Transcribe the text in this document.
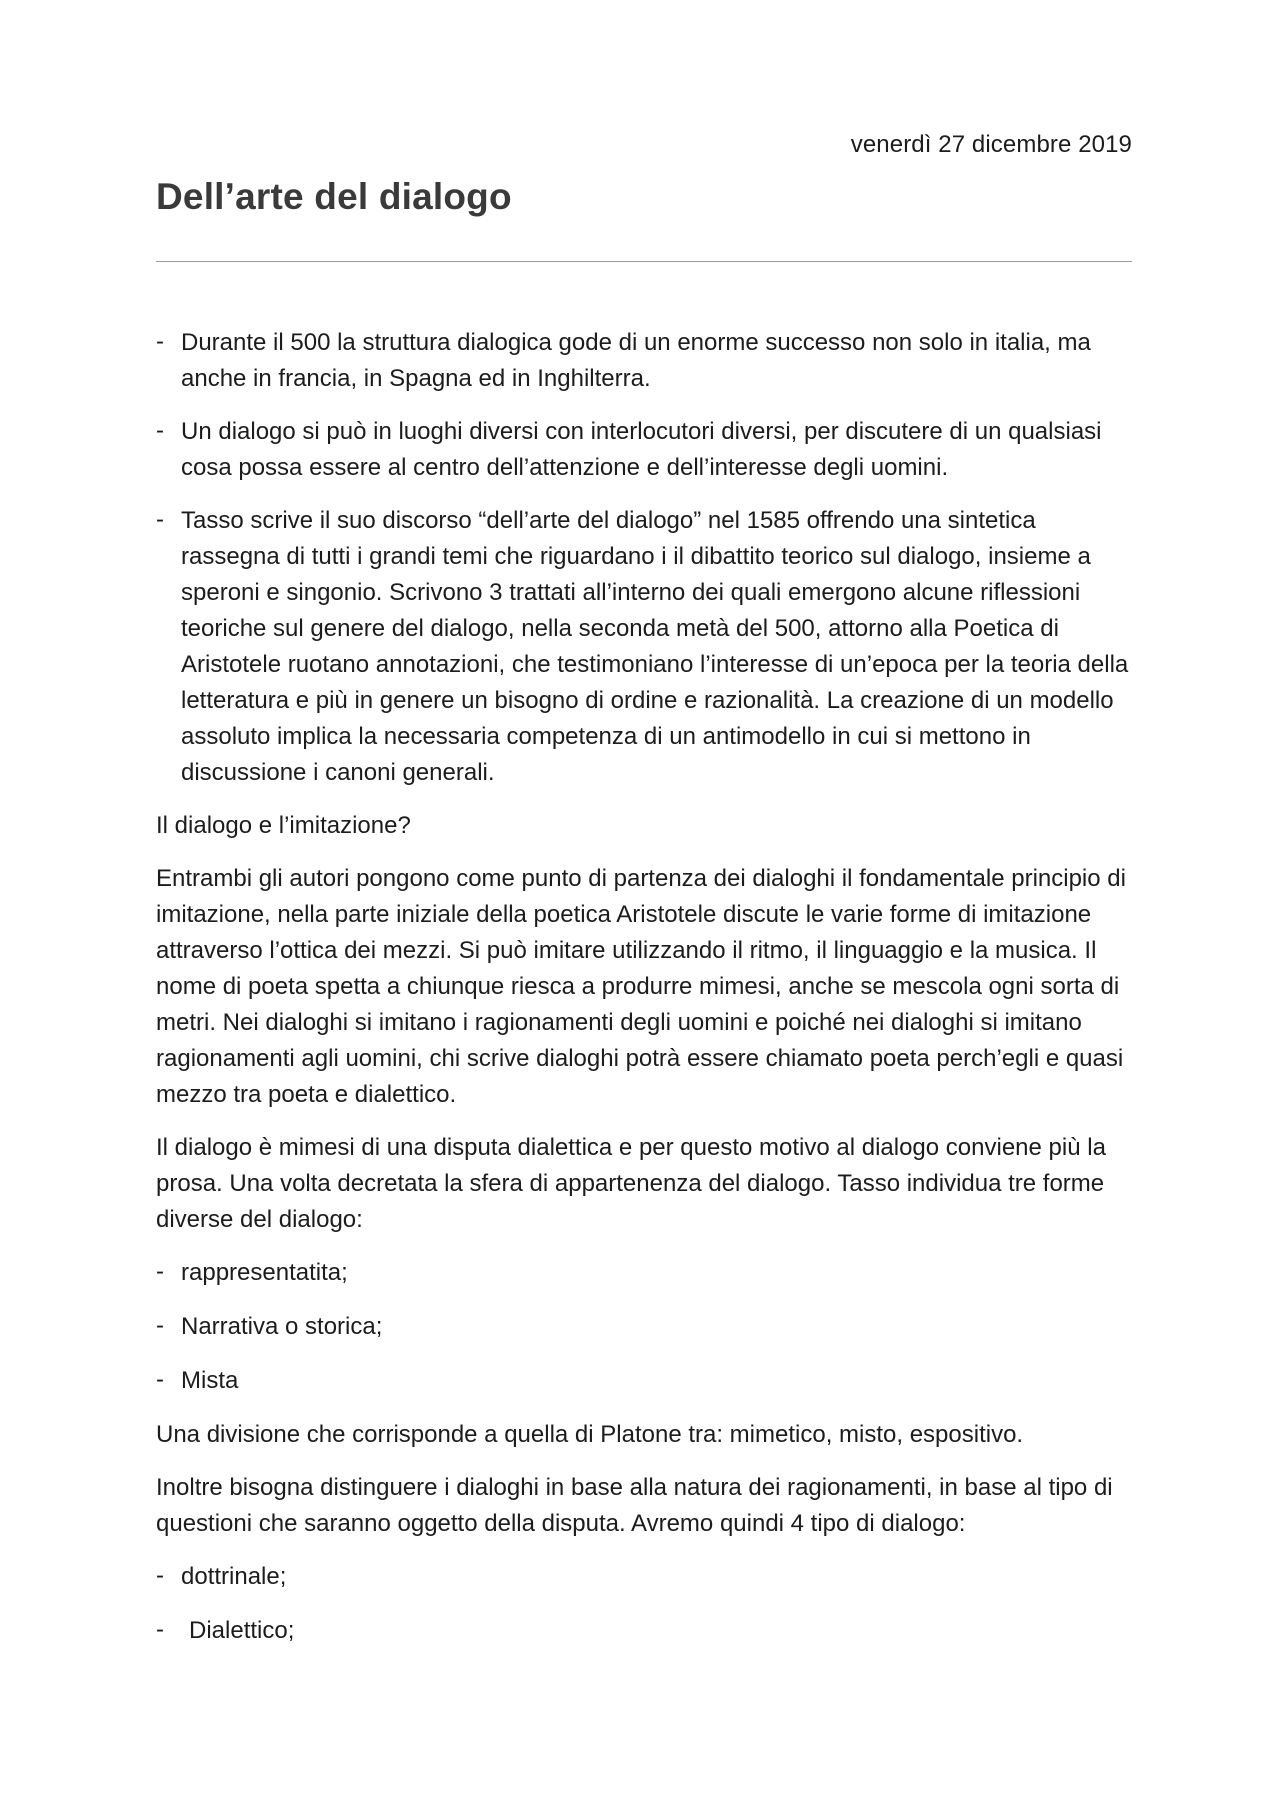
venerdì 27 dicembre 2019
Dell’arte del dialogo
- Durante il 500 la struttura dialogica gode di un enorme successo non solo in italia, ma anche in francia, in Spagna ed in Inghilterra.
- Un dialogo si può in luoghi diversi con interlocutori diversi, per discutere di un qualsiasi cosa possa essere al centro dell’attenzione e dell’interesse degli uomini.
- Tasso scrive il suo discorso “dell’arte del dialogo” nel 1585 offrendo una sintetica rassegna di tutti i grandi temi che riguardano i il dibattito teorico sul dialogo, insieme a speroni e singonio. Scrivono 3 trattati all’interno dei quali emergono alcune riflessioni teoriche sul genere del dialogo, nella seconda metà del 500, attorno alla Poetica di Aristotele ruotano annotazioni, che testimoniano l’interesse di un’epoca per la teoria della letteratura e più in genere un bisogno di ordine e razionalità. La creazione di un modello assoluto implica la necessaria competenza di un antimodello in cui si mettono in discussione i canoni generali.

Il dialogo e l’imitazione?

Entrambi gli autori pongono come punto di partenza dei dialoghi il fondamentale principio di imitazione, nella parte iniziale della poetica Aristotele discute le varie forme di imitazione attraverso l’ottica dei mezzi. Si può imitare utilizzando il ritmo, il linguaggio e la musica. Il nome di poeta spetta a chiunque riesca a produrre mimesi, anche se mescola ogni sorta di metri. Nei dialoghi si imitano i ragionamenti degli uomini e poiché nei dialoghi si imitano ragionamenti agli uomini, chi scrive dialoghi potrà essere chiamato poeta perch’egli e quasi mezzo tra poeta e dialettico.

Il dialogo è mimesi di una disputa dialettica e per questo motivo al dialogo conviene più la prosa. Una volta decretata la sfera di appartenenza del dialogo. Tasso individua tre forme diverse del dialogo:

- rappresentatita;
- Narrativa o storica;
- Mista

Una divisione che corrisponde a quella di Platone tra: mimetico, misto, espositivo.

Inoltre bisogna distinguere i dialoghi in base alla natura dei ragionamenti, in base al tipo di questioni che saranno oggetto della disputa. Avremo quindi 4 tipo di dialogo:

- dottrinale;
- Dialettico;
